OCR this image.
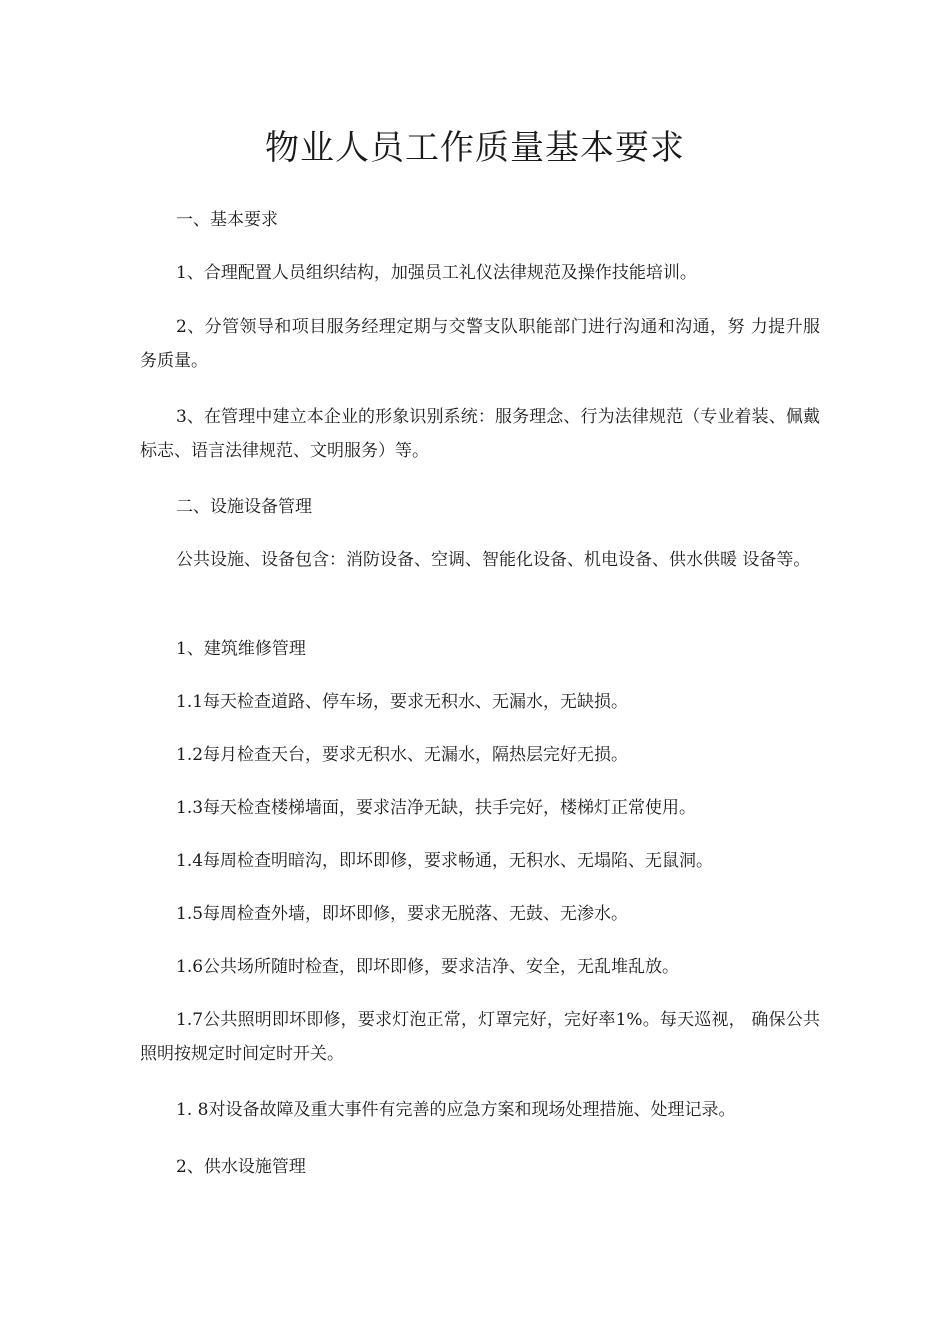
物业人员工作质量基本要求

一、基本要求

1、合理配置人员组织结构，加强员工礼仪法律规范及操作技能培训。

2、分管领导和项目服务经理定期与交警支队职能部门进行沟通和沟通，努 力提升服务质量。

3、在管理中建立本企业的形象识别系统：服务理念、行为法律规范（专业着装、佩戴标志、语言法律规范、文明服务）等。

二、设施设备管理

公共设施、设备包含：消防设备、空调、智能化设备、机电设备、供水供暖 设备等。

1、建筑维修管理

1.1每天检查道路、停车场，要求无积水、无漏水，无缺损。

1.2每月检查天台，要求无积水、无漏水，隔热层完好无损。

1.3每天检查楼梯墙面，要求洁净无缺，扶手完好，楼梯灯正常使用。

1.4每周检查明暗沟，即坏即修，要求畅通，无积水、无塌陷、无鼠洞。

1.5每周检查外墙，即坏即修，要求无脱落、无鼓、无渗水。

1.6公共场所随时检查，即坏即修，要求洁净、安全，无乱堆乱放。

1.7公共照明即坏即修，要求灯泡正常，灯罩完好，完好率1%。每天巡视， 确保公共照明按规定时间定时开关。

1. 8对设备故障及重大事件有完善的应急方案和现场处理措施、处理记录。

2、供水设施管理
